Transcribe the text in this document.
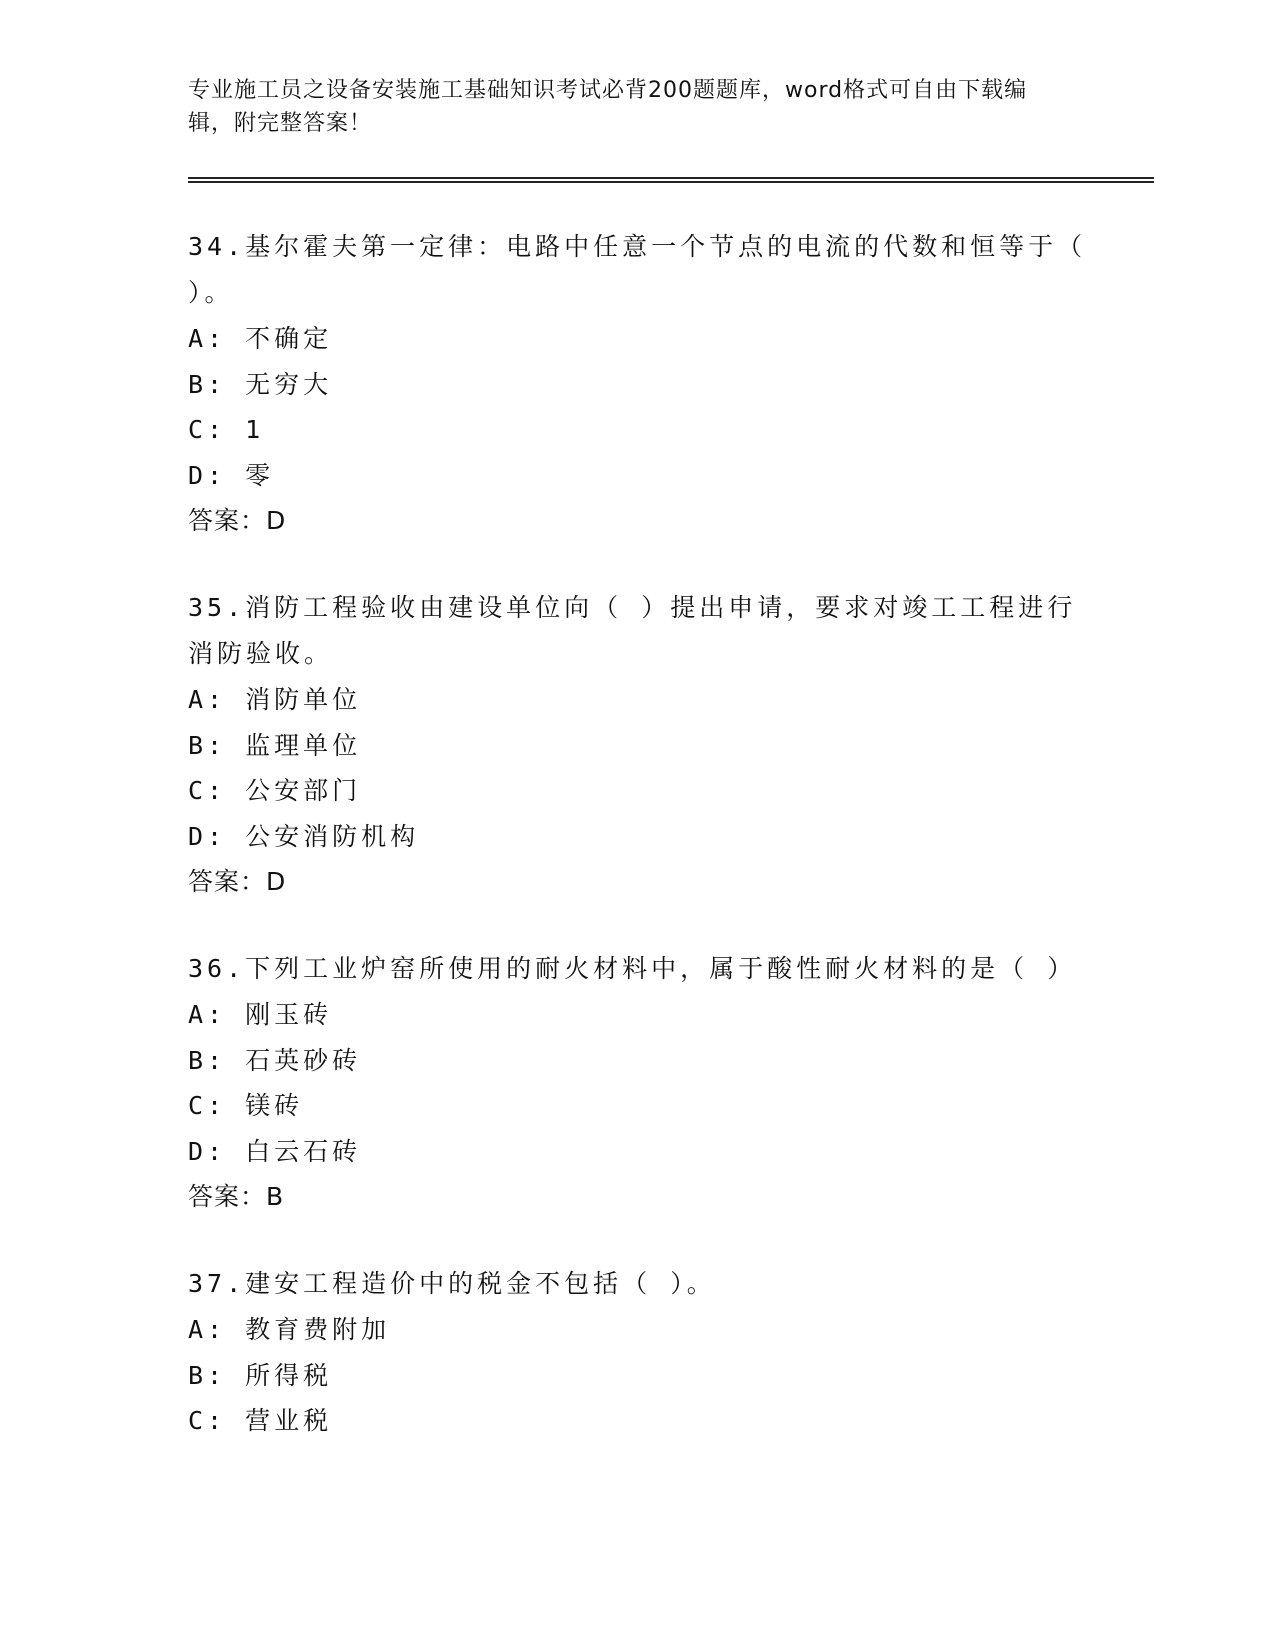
专业施工员之设备安装施工基础知识考试必背200题题库，word格式可自由下载编辑，附完整答案！
34.基尔霍夫第一定律：电路中任意一个节点的电流的代数和恒等于（ ）。
A: 不确定
B: 无穷大
C: 1
D: 零
答案：D
35.消防工程验收由建设单位向（ ）提出申请，要求对竣工工程进行消防验收。
A: 消防单位
B: 监理单位
C: 公安部门
D: 公安消防机构
答案：D
36.下列工业炉窑所使用的耐火材料中，属于酸性耐火材料的是（ ）
A: 刚玉砖
B: 石英砂砖
C: 镁砖
D: 白云石砖
答案：B
37.建安工程造价中的税金不包括（ ）。
A: 教育费附加
B: 所得税
C: 营业税
